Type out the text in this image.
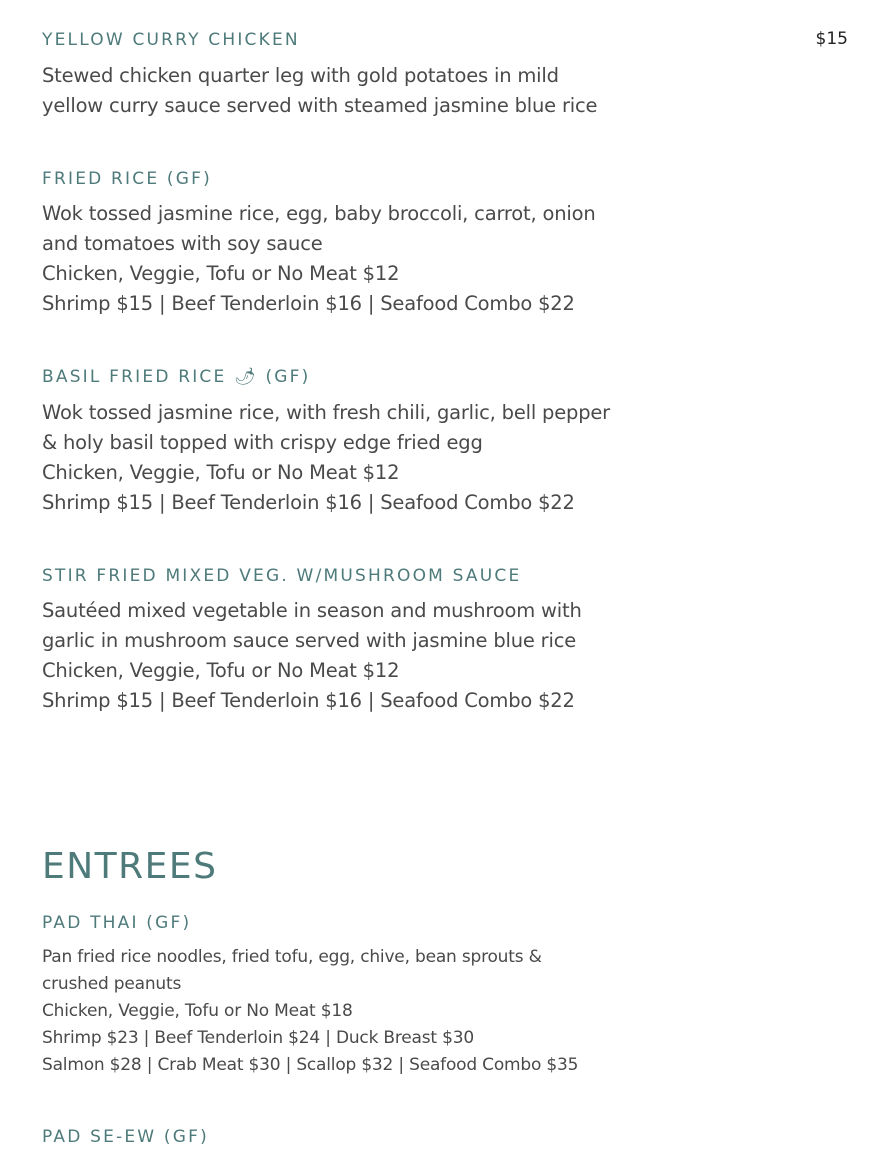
$15
YELLOW CURRY CHICKEN
Stewed chicken quarter leg with gold potatoes in mild
yellow curry sauce served with steamed jasmine blue rice
FRIED RICE (GF)
Wok tossed jasmine rice, egg, baby broccoli, carrot, onion
and tomatoes with soy sauce
Chicken, Veggie, Tofu or No Meat $12
Shrimp $15 | Beef Tenderloin $16 | Seafood Combo $22
BASIL FRIED RICE 🌶 (GF)
Wok tossed jasmine rice, with fresh chili, garlic, bell pepper
& holy basil topped with crispy edge fried egg
Chicken, Veggie, Tofu or No Meat $12
Shrimp $15 | Beef Tenderloin $16 | Seafood Combo $22
STIR FRIED MIXED VEG. W/MUSHROOM SAUCE
Sautéed mixed vegetable in season and mushroom with
garlic in mushroom sauce served with jasmine blue rice
Chicken, Veggie, Tofu or No Meat $12
Shrimp $15 | Beef Tenderloin $16 | Seafood Combo $22
ENTREES
PAD THAI (GF)
Pan fried rice noodles, fried tofu, egg, chive, bean sprouts &
crushed peanuts
Chicken, Veggie, Tofu or No Meat $18
Shrimp $23 | Beef Tenderloin $24 | Duck Breast $30
Salmon $28 | Crab Meat $30 | Scallop $32 | Seafood Combo $35
PAD SE-EW (GF)
